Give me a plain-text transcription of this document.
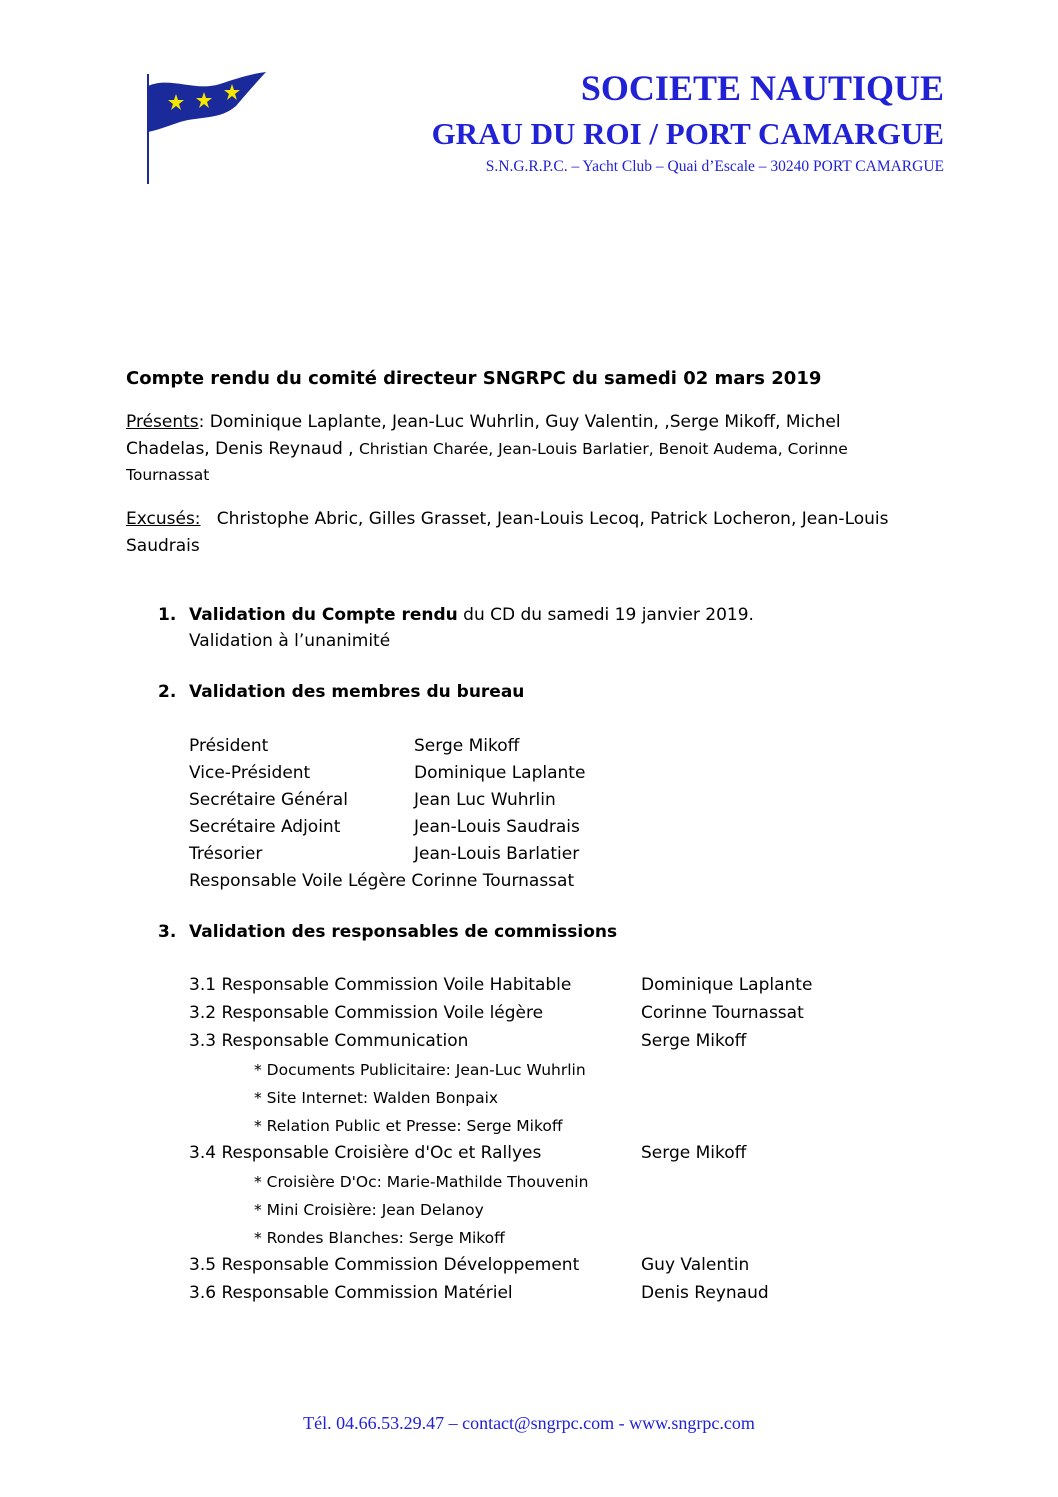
SOCIETE NAUTIQUE
GRAU DU ROI / PORT CAMARGUE
S.N.G.R.P.C. – Yacht Club – Quai d’Escale – 30240 PORT CAMARGUE
Compte rendu du comité directeur SNGRPC du samedi 02 mars 2019
Présents: Dominique Laplante, Jean-Luc Wuhrlin, Guy Valentin, ,Serge Mikoff, Michel
Chadelas, Denis Reynaud , Christian Charée, Jean-Louis Barlatier, Benoit Audema, Corinne
Tournassat
Excusés:   Christophe Abric, Gilles Grasset, Jean-Louis Lecoq, Patrick Locheron, Jean-Louis
Saudrais
1. Validation du Compte rendu du CD du samedi 19 janvier 2019.
Validation à l’unanimité
2. Validation des membres du bureau
Président	Serge Mikoff
Vice-Président	Dominique Laplante
Secrétaire Général	Jean Luc Wuhrlin
Secrétaire Adjoint	Jean-Louis Saudrais
Trésorier	Jean-Louis Barlatier
Responsable Voile Légère Corinne Tournassat
3. Validation des responsables de commissions
3.1 Responsable Commission Voile Habitable	Dominique Laplante
3.2 Responsable Commission Voile légère	Corinne Tournassat
3.3 Responsable Communication	Serge Mikoff
* Documents Publicitaire: Jean-Luc Wuhrlin
* Site Internet: Walden Bonpaix
* Relation Public et Presse: Serge Mikoff
3.4 Responsable Croisière d'Oc et Rallyes	Serge Mikoff
* Croisière D'Oc: Marie-Mathilde Thouvenin
* Mini Croisière: Jean Delanoy
* Rondes Blanches: Serge Mikoff
3.5 Responsable Commission Développement	Guy Valentin
3.6 Responsable Commission Matériel	Denis Reynaud
Tél. 04.66.53.29.47 – contact@sngrpc.com - www.sngrpc.com
